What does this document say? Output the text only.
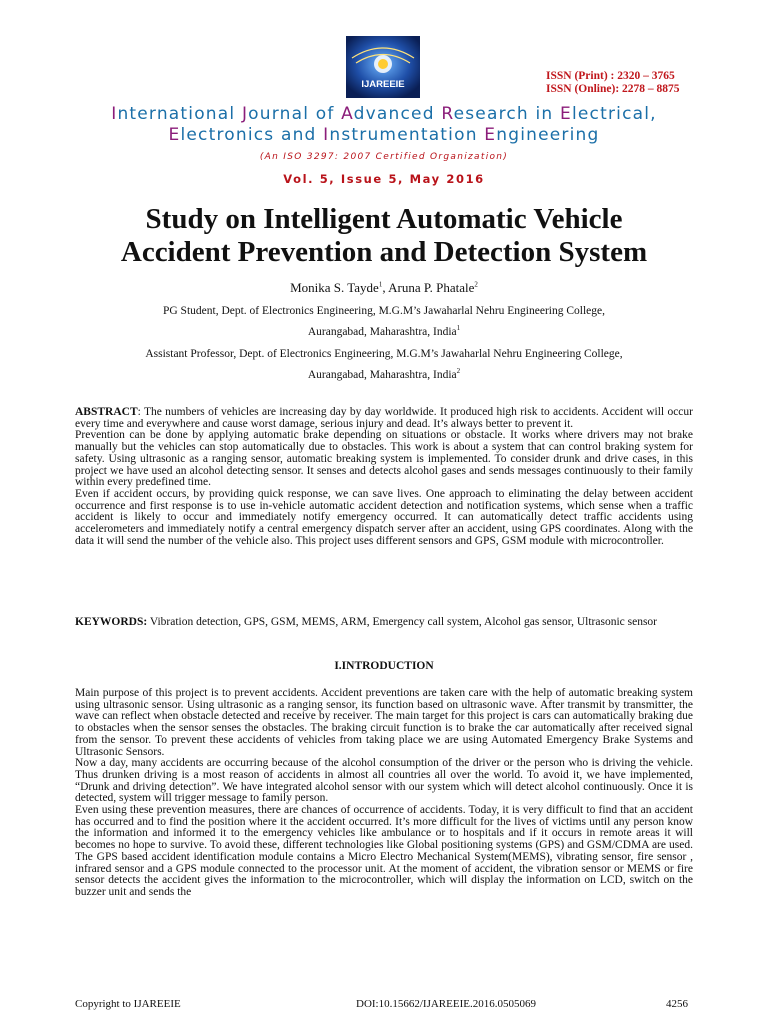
IJAREEIE
ISSN (Print) : 2320 – 3765
ISSN (Online): 2278 – 8875
International Journal of Advanced Research in Electrical,
Electronics and Instrumentation Engineering
(An ISO 3297: 2007 Certified Organization)
Vol. 5, Issue 5, May 2016
Study on Intelligent Automatic Vehicle
Accident Prevention and Detection System
Monika S. Tayde$^1$, Aruna P. Phatale$^2$
PG Student, Dept. of Electronics Engineering, M.G.M’s Jawaharlal Nehru Engineering College,
Aurangabad, Maharashtra, India$^1$
Assistant Professor, Dept. of Electronics Engineering, M.G.M’s Jawaharlal Nehru Engineering College,
Aurangabad, Maharashtra, India$^2$

ABSTRACT: The numbers of vehicles are increasing day by day worldwide. It produced high risk to accidents. Accident will occur every time and everywhere and cause worst damage, serious injury and dead. It’s always better to prevent it.

Prevention can be done by applying automatic brake depending on situations or obstacle. It works where drivers may not brake manually but the vehicles can stop automatically due to obstacles. This work is about a system that can control braking system for safety. Using ultrasonic as a ranging sensor, automatic breaking system is implemented. To consider drunk and drive cases, in this project we have used an alcohol detecting sensor. It senses and detects alcohol gases and sends messages continuously to their family within every predefined time.

Even if accident occurs, by providing quick response, we can save lives. One approach to eliminating the delay between accident occurrence and first response is to use in-vehicle automatic accident detection and notification systems, which sense when a traffic accident is likely to occur and immediately notify emergency occurred. It can automatically detect traffic accidents using accelerometers and immediately notify a central emergency dispatch server after an accident, using GPS coordinates. Along with the data it will send the number of the vehicle also. This project uses different sensors and GPS, GSM module with microcontroller.

KEYWORDS: Vibration detection, GPS, GSM, MEMS, ARM, Emergency call system, Alcohol gas sensor, Ultrasonic sensor

I.INTRODUCTION

Main purpose of this project is to prevent accidents. Accident preventions are taken care with the help of automatic breaking system using ultrasonic sensor. Using ultrasonic as a ranging sensor, its function based on ultrasonic wave. After transmit by transmitter, the wave can reflect when obstacle detected and receive by receiver. The main target for this project is cars can automatically braking due to obstacles when the sensor senses the obstacles. The braking circuit function is to brake the car automatically after received signal from the sensor. To prevent these accidents of vehicles from taking place we are using Automated Emergency Brake Systems and Ultrasonic Sensors.

Now a day, many accidents are occurring because of the alcohol consumption of the driver or the person who is driving the vehicle. Thus drunken driving is a most reason of accidents in almost all countries all over the world. To avoid it, we have implemented, “Drunk and driving detection”. We have integrated alcohol sensor with our system which will detect alcohol continuously. Once it is detected, system will trigger message to family person.

Even using these prevention measures, there are chances of occurrence of accidents. Today, it is very difficult to find that an accident has occurred and to find the position where it the accident occurred. It’s more difficult for the lives of victims until any person know the information and informed it to the emergency vehicles like ambulance or to hospitals and if it occurs in remote areas it will becomes no hope to survive. To avoid these, different technologies like Global positioning systems (GPS) and GSM/CDMA are used. The GPS based accident identification module contains a Micro Electro Mechanical System(MEMS), vibrating sensor, fire sensor , infrared sensor and a GPS module connected to the processor unit. At the moment of accident, the vibration sensor or MEMS or fire sensor detects the accident gives the information to the microcontroller, which will display the information on LCD, switch on the buzzer unit and sends the

Copyright to IJAREEIE	DOI:10.15662/IJAREEIE.2016.0505069	4256
